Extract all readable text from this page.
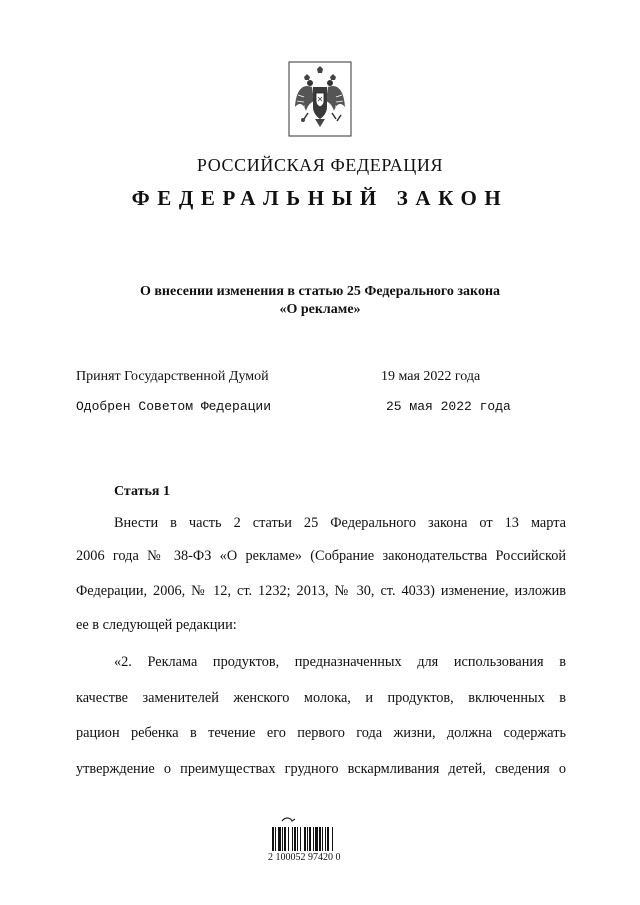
РОССИЙСКАЯ ФЕДЕРАЦИЯ
ФЕДЕРАЛЬНЫЙ ЗАКОН
О внесении изменения в статью 25 Федерального закона
«О рекламе»
Принят Государственной Думой	19 мая 2022 года
Одобрен Советом Федерации	25 мая 2022 года
Статья 1
Внести в часть 2 статьи 25 Федерального закона от 13 марта
2006 года № 38-ФЗ «О рекламе» (Собрание законодательства Российской
Федерации, 2006, № 12, ст. 1232; 2013, № 30, ст. 4033) изменение, изложив
ее в следующей редакции:
«2. Реклама продуктов, предназначенных для использования в
качестве заменителей женского молока, и продуктов, включенных в
рацион ребенка в течение его первого года жизни, должна содержать
утверждение о преимуществах грудного вскармливания детей, сведения о
2 100052 97420 0
